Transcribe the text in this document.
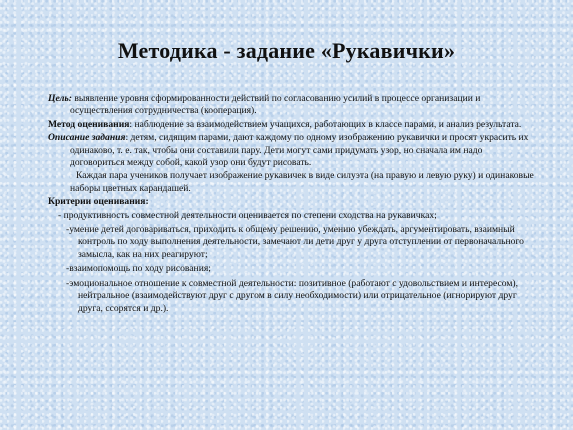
Методика - задание «Рукавички»
Цель: выявление уровня сформированности действий по согласованию усилий в процессе организации и осуществления сотрудничества (кооперация).
Метод оценивания: наблюдение за взаимодействием учащихся, работающих в классе парами, и анализ результата.
Описание задания: детям, сидящим парами, дают каждому по одному изображению рукавички и просят украсить их одинаково, т. е. так, чтобы они составили пару. Дети могут сами придумать узор, но сначала им надо договориться между собой, какой узор они будут рисовать.
Каждая пара учеников получает изображение рукавичек в виде силуэта (на правую и левую руку) и одинаковые наборы цветных карандашей.
Критерии оценивания:
- продуктивность совместной деятельности оценивается по степени сходства на рукавичках;
-умение детей договариваться, приходить к общему решению, умению убеждать, аргументировать, взаимный контроль по ходу выполнения деятельности, замечают ли дети друг у друга отступлении от первоначального замысла, как на них реагируют;
-взаимопомощь по ходу рисования;
-эмоциональное отношение к совместной деятельности: позитивное (работают с удовольствием и интересом), нейтральное (взаимодействуют друг с другом в силу необходимости) или отрицательное (игнорируют друг друга, ссорятся и др.).
